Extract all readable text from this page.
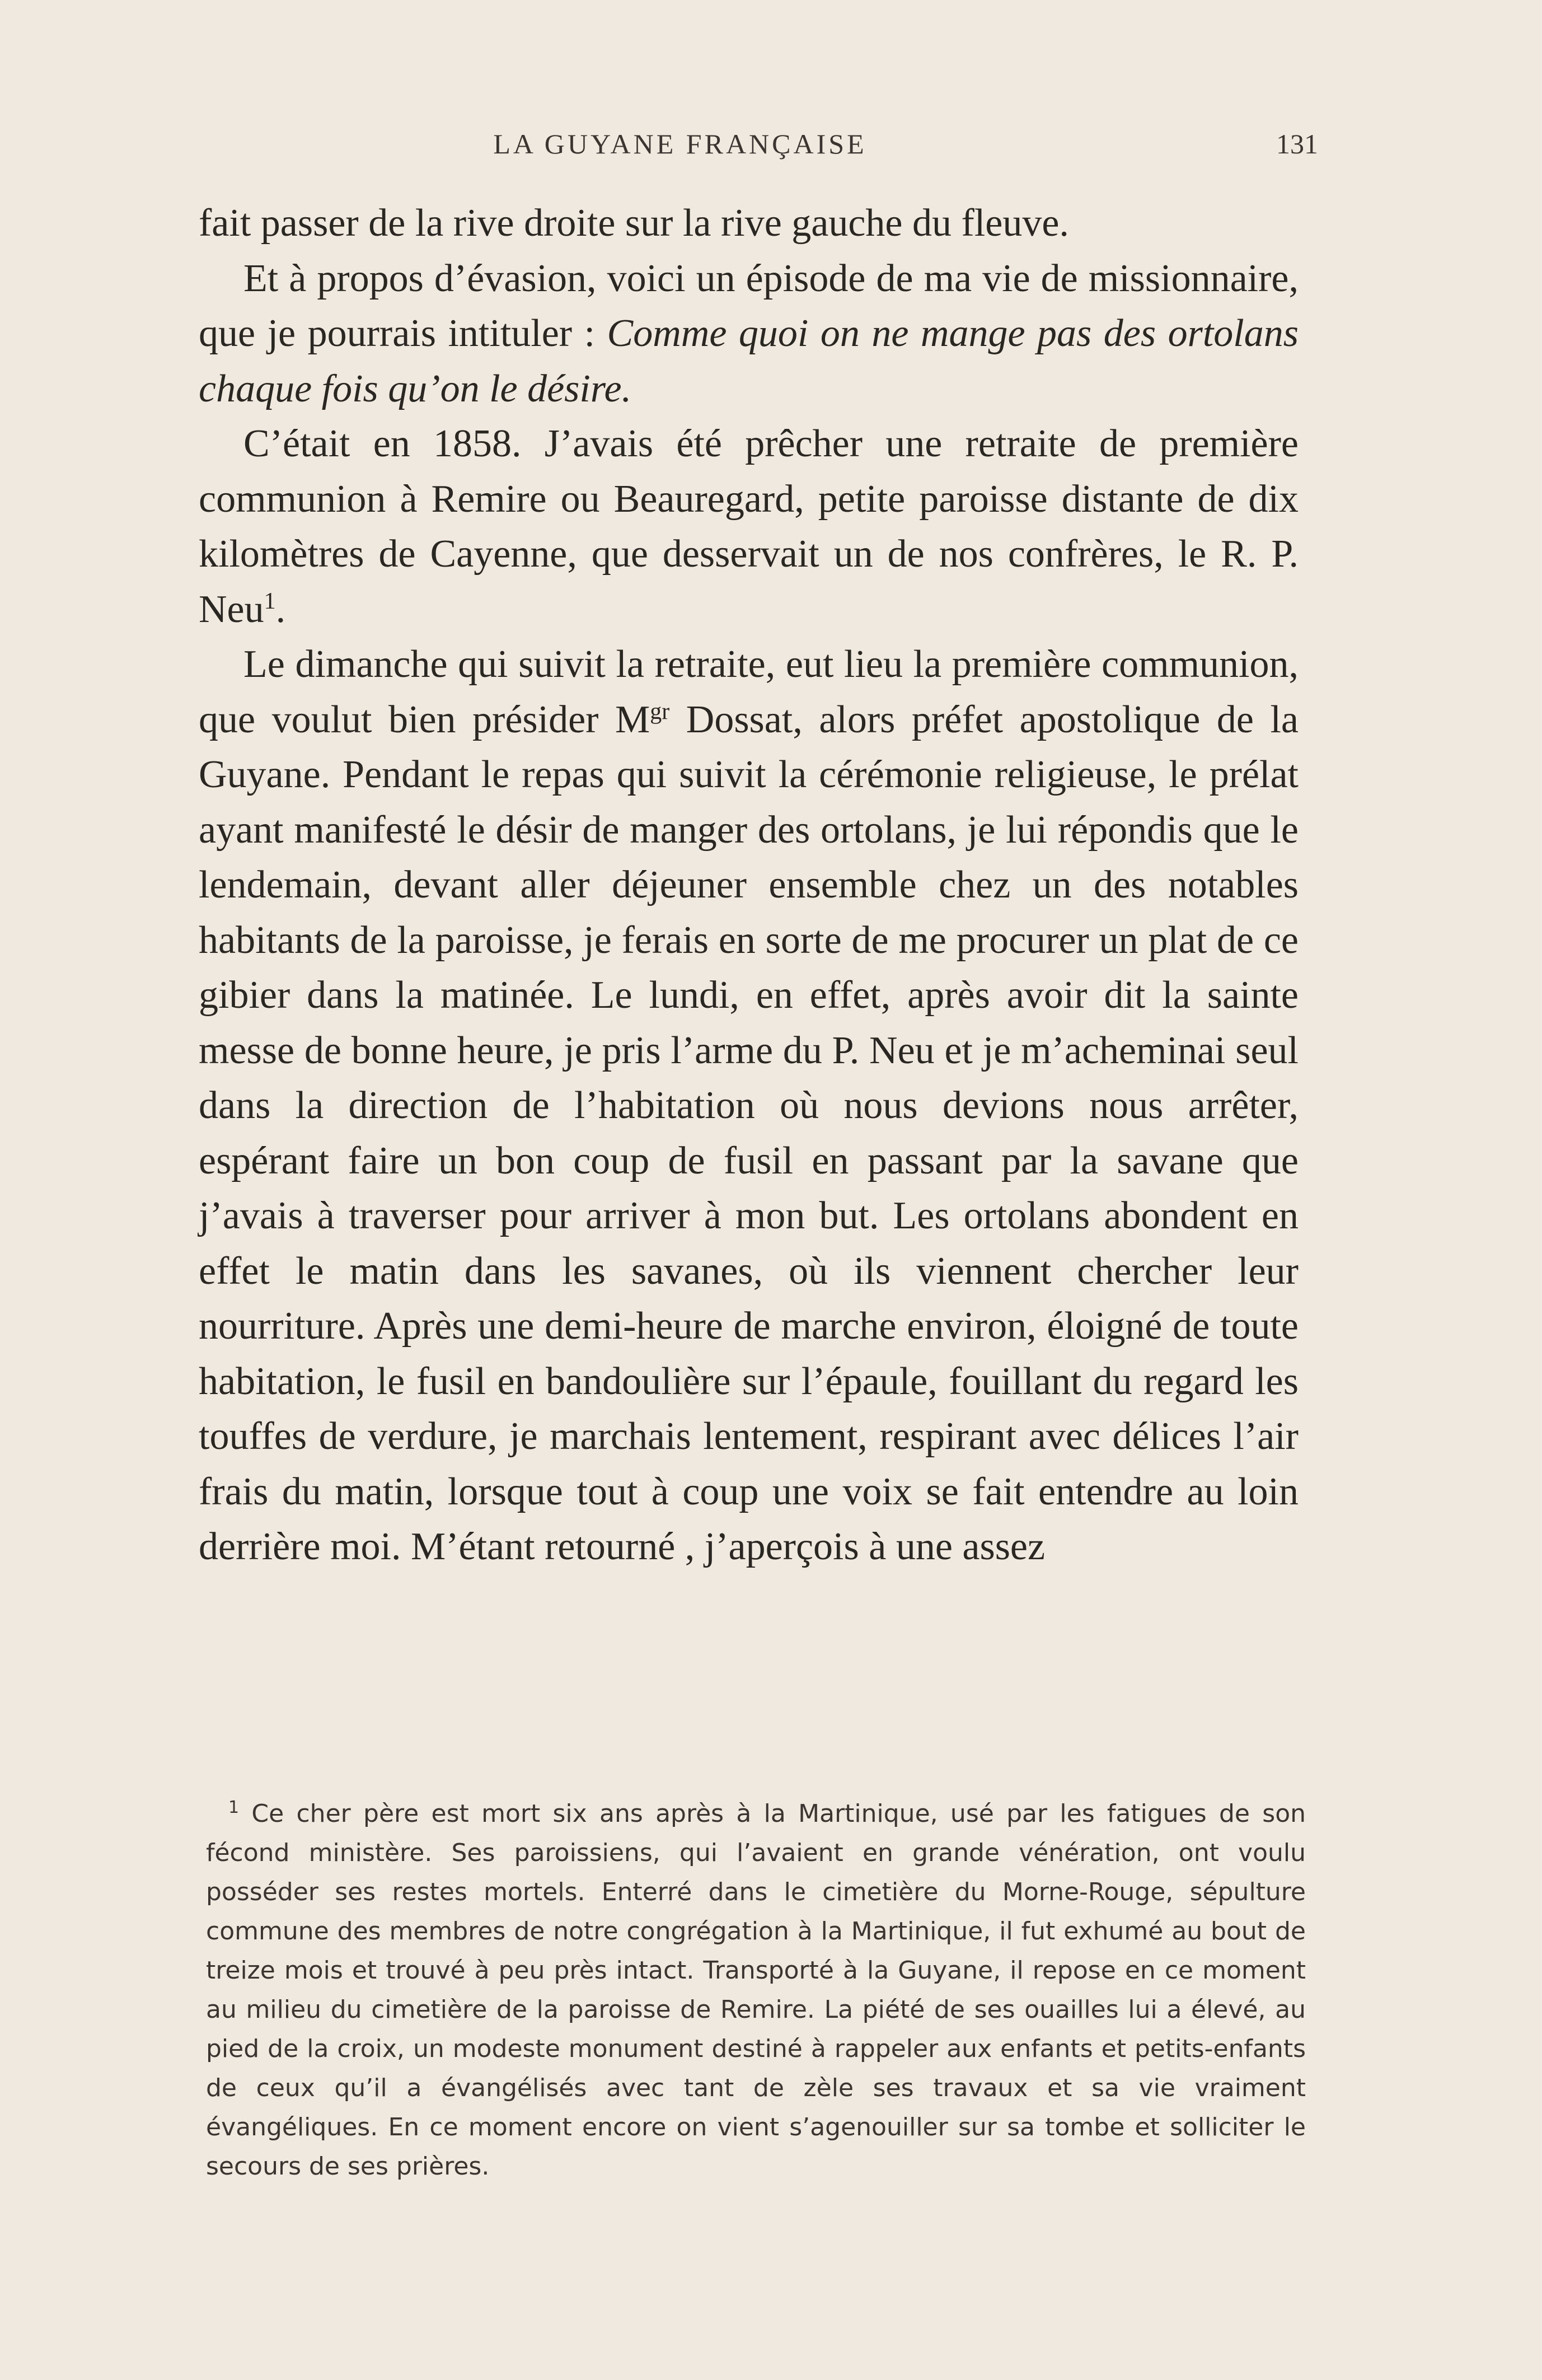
LA GUYANE FRANÇAISE	131

fait passer de la rive droite sur la rive gauche du fleuve.

Et à propos d’évasion, voici un épisode de ma vie de missionnaire, que je pourrais intituler : Comme quoi on ne mange pas des ortolans chaque fois qu’on le désire.

C’était en 1858. J’avais été prêcher une retraite de première communion à Remire ou Beauregard, petite paroisse distante de dix kilomètres de Cayenne, que desservait un de nos confrères, le R. P. Neu$^1$.

Le dimanche qui suivit la retraite, eut lieu la première communion, que voulut bien présider $M^{gr}$ Dossat, alors préfet apostolique de la Guyane. Pendant le repas qui suivit la cérémonie religieuse, le prélat ayant manifesté le désir de manger des ortolans, je lui répondis que le lendemain, devant aller déjeuner ensemble chez un des notables habitants de la paroisse, je ferais en sorte de me procurer un plat de ce gibier dans la matinée. Le lundi, en effet, après avoir dit la sainte messe de bonne heure, je pris l’arme du P. Neu et je m’acheminai seul dans la direction de l’habitation où nous devions nous arrêter, espérant faire un bon coup de fusil en passant par la savane que j’avais à traverser pour arriver à mon but. Les ortolans abondent en effet le matin dans les savanes, où ils viennent chercher leur nourriture. Après une demi-heure de marche environ, éloigné de toute habitation, le fusil en bandoulière sur l’épaule, fouillant du regard les touffes de verdure, je marchais lentement, respirant avec délices l’air frais du matin, lorsque tout à coup une voix se fait entendre au loin derrière moi. M’étant retourné , j’aperçois à une assez

$^1$ Ce cher père est mort six ans après à la Martinique, usé par les fatigues de son fécond ministère. Ses paroissiens, qui l’avaient en grande vénération, ont voulu posséder ses restes mortels. Enterré dans le cimetière du Morne-Rouge, sépulture commune des membres de notre congrégation à la Martinique, il fut exhumé au bout de treize mois et trouvé à peu près intact. Transporté à la Guyane, il repose en ce moment au milieu du cimetière de la paroisse de Remire. La piété de ses ouailles lui a élevé, au pied de la croix, un modeste monument destiné à rappeler aux enfants et petits-enfants de ceux qu’il a évangélisés avec tant de zèle ses travaux et sa vie vraiment évangéliques. En ce moment encore on vient s’agenouiller sur sa tombe et solliciter le secours de ses prières.
